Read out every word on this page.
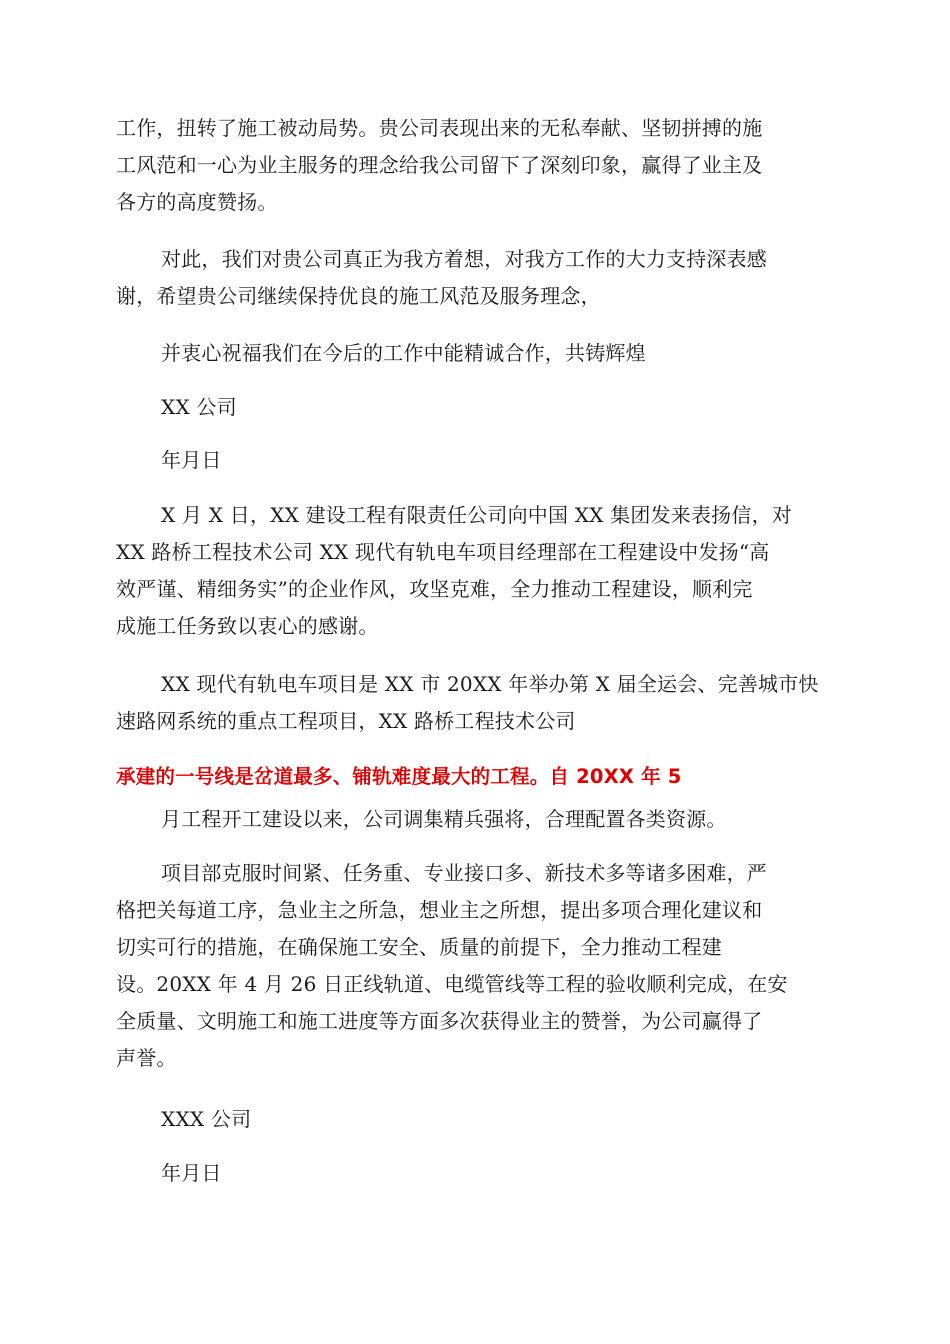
工作，扭转了施工被动局势。贵公司表现出来的无私奉献、坚韧拼搏的施
工风范和一心为业主服务的理念给我公司留下了深刻印象，赢得了业主及
各方的高度赞扬。

对此，我们对贵公司真正为我方着想，对我方工作的大力支持深表感
谢，希望贵公司继续保持优良的施工风范及服务理念，

并衷心祝福我们在今后的工作中能精诚合作，共铸辉煌

XX 公司

年月日

X 月 X 日，XX 建设工程有限责任公司向中国 XX 集团发来表扬信，对
XX 路桥工程技术公司 XX 现代有轨电车项目经理部在工程建设中发扬“高
效严谨、精细务实”的企业作风，攻坚克难，全力推动工程建设，顺利完
成施工任务致以衷心的感谢。

XX 现代有轨电车项目是 XX 市 20XX 年举办第 X 届全运会、完善城市快
速路网系统的重点工程项目，XX 路桥工程技术公司

承建的一号线是岔道最多、铺轨难度最大的工程。自 20XX 年 5

月工程开工建设以来，公司调集精兵强将，合理配置各类资源。

项目部克服时间紧、任务重、专业接口多、新技术多等诸多困难，严
格把关每道工序，急业主之所急，想业主之所想，提出多项合理化建议和
切实可行的措施，在确保施工安全、质量的前提下，全力推动工程建
设。20XX 年 4 月 26 日正线轨道、电缆管线等工程的验收顺利完成，在安
全质量、文明施工和施工进度等方面多次获得业主的赞誉，为公司赢得了
声誉。

XXX 公司

年月日
